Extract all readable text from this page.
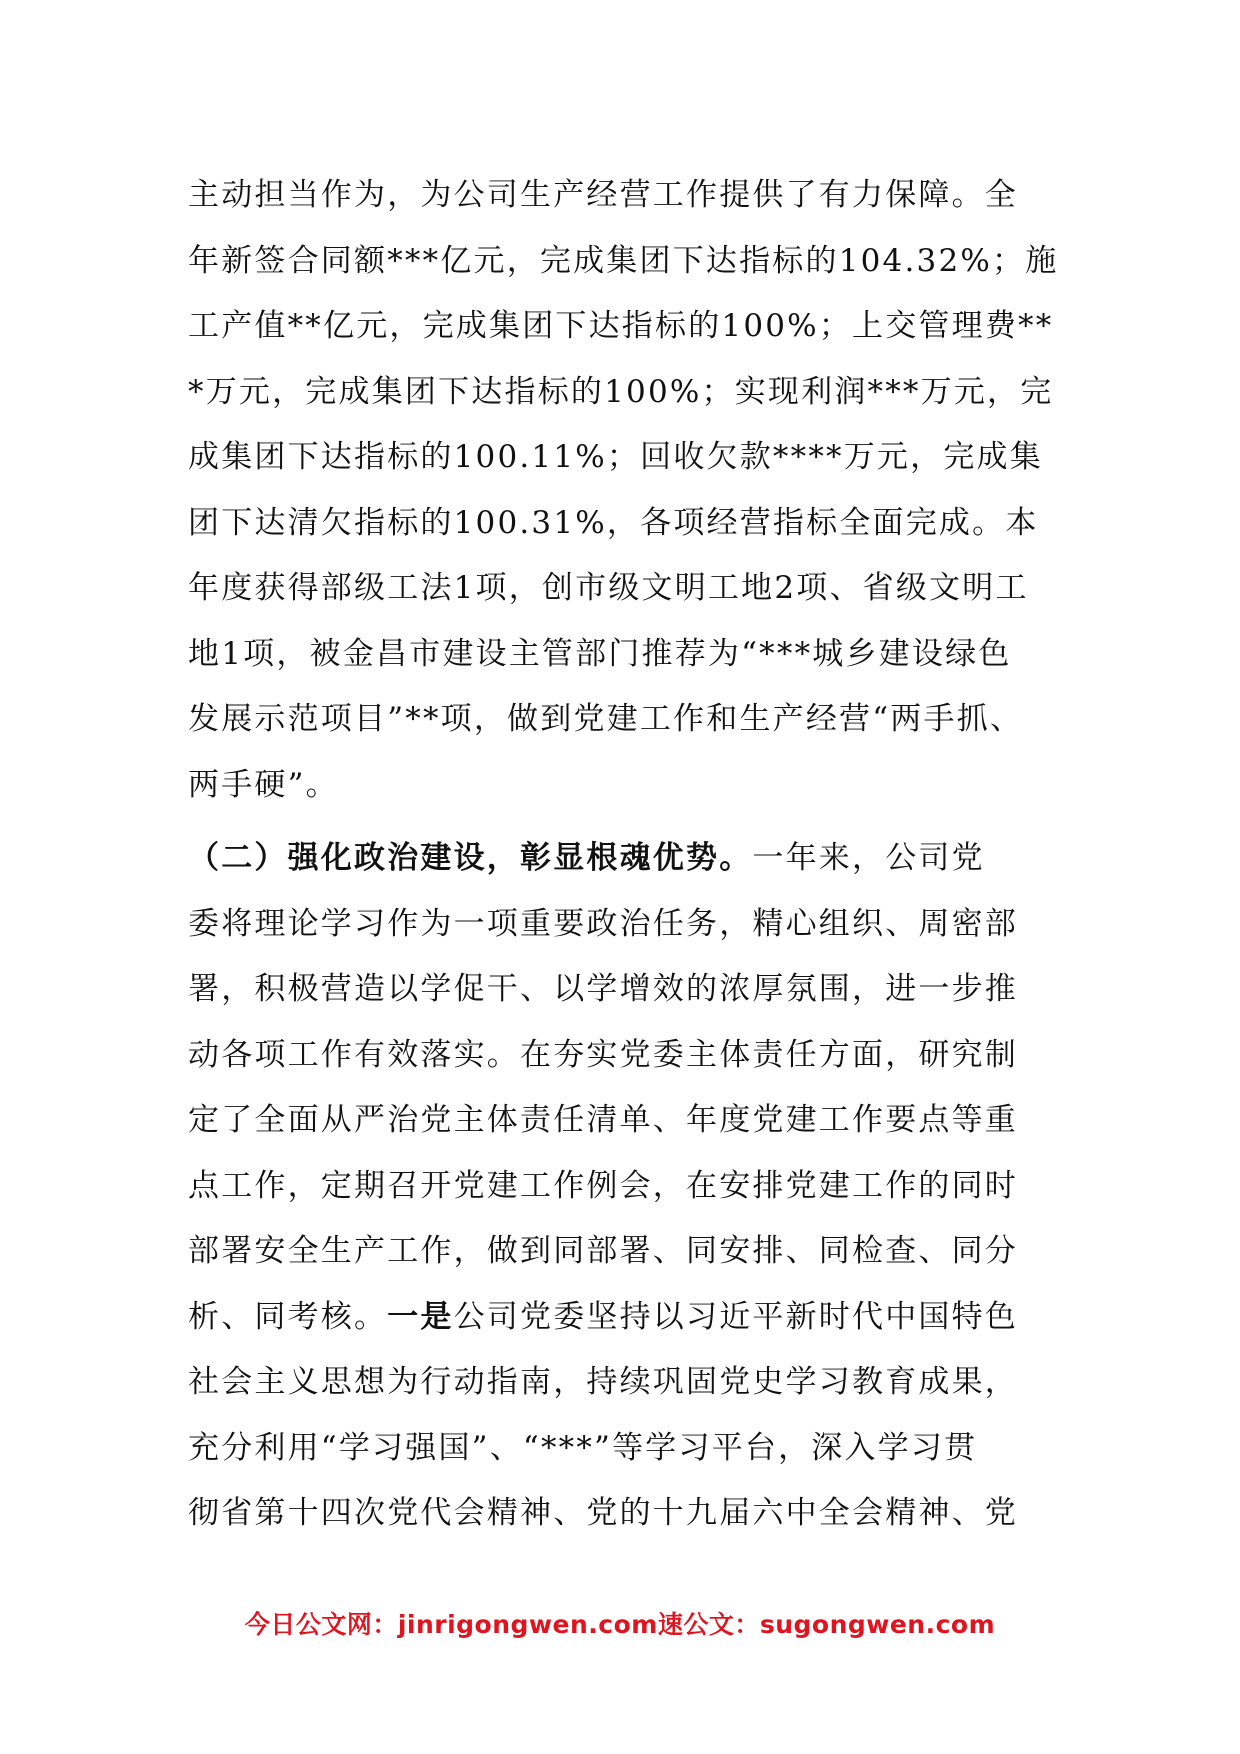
主动担当作为，为公司生产经营工作提供了有力保障。全
年新签合同额***亿元，完成集团下达指标的104.32%；施
工产值**亿元，完成集团下达指标的100%；上交管理费**
*万元，完成集团下达指标的100%；实现利润***万元，完
成集团下达指标的100.11%；回收欠款****万元，完成集
团下达清欠指标的100.31%，各项经营指标全面完成。本
年度获得部级工法1项，创市级文明工地2项、省级文明工
地1项，被金昌市建设主管部门推荐为“***城乡建设绿色
发展示范项目”**项，做到党建工作和生产经营“两手抓、
两手硬”。
（二）强化政治建设，彰显根魂优势。一年来，公司党
委将理论学习作为一项重要政治任务，精心组织、周密部
署，积极营造以学促干、以学增效的浓厚氛围，进一步推
动各项工作有效落实。在夯实党委主体责任方面，研究制
定了全面从严治党主体责任清单、年度党建工作要点等重
点工作，定期召开党建工作例会，在安排党建工作的同时
部署安全生产工作，做到同部署、同安排、同检查、同分
析、同考核。一是公司党委坚持以习近平新时代中国特色
社会主义思想为行动指南，持续巩固党史学习教育成果，
充分利用“学习强国”、“***”等学习平台，深入学习贯
彻省第十四次党代会精神、党的十九届六中全会精神、党
今日公文网：jinrigongwen.com速公文：sugongwen.com
